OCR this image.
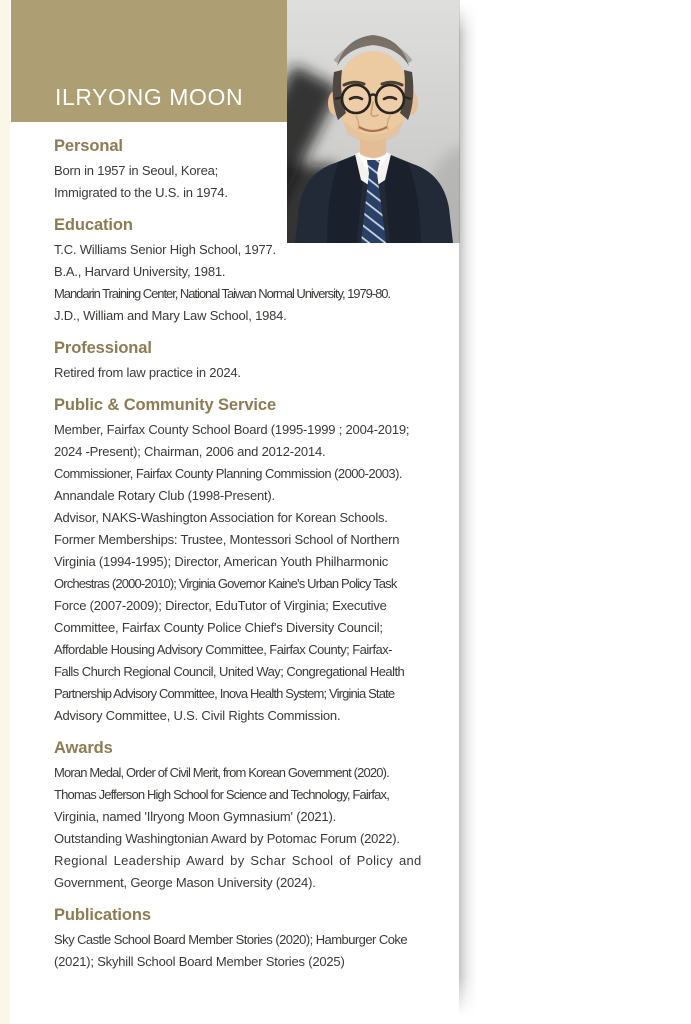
ILRYONG MOON
Personal
Born in 1957 in Seoul, Korea;
Immigrated to the U.S. in 1974.
Education
T.C. Williams Senior High School, 1977.
B.A., Harvard University, 1981.
Mandarin Training Center, National Taiwan Normal University, 1979-80.
J.D., William and Mary Law School, 1984.
Professional
Retired from law practice in 2024.
Public & Community Service
Member, Fairfax County School Board (1995-1999 ; 2004-2019;
2024 -Present); Chairman, 2006 and 2012-2014.
Commissioner, Fairfax County Planning Commission (2000-2003).
Annandale Rotary Club (1998-Present).
Advisor, NAKS-Washington Association for Korean Schools.
Former Memberships: Trustee, Montessori School of Northern
Virginia (1994-1995); Director, American Youth Philharmonic
Orchestras (2000-2010); Virginia Governor Kaine's Urban Policy Task
Force (2007-2009); Director, EduTutor of Virginia; Executive
Committee, Fairfax County Police Chief's Diversity Council;
Affordable Housing Advisory Committee, Fairfax County; Fairfax-
Falls Church Regional Council, United Way; Congregational Health
Partnership Advisory Committee, Inova Health System; Virginia State
Advisory Committee, U.S. Civil Rights Commission.
Awards
Moran Medal, Order of Civil Merit, from Korean Government (2020).
Thomas Jefferson High School for Science and Technology, Fairfax,
Virginia, named 'Ilryong Moon Gymnasium' (2021).
Outstanding Washingtonian Award by Potomac Forum (2022).
Regional Leadership Award by Schar School of Policy and
Government, George Mason University (2024).
Publications
Sky Castle School Board Member Stories (2020); Hamburger Coke
(2021); Skyhill School Board Member Stories (2025)
